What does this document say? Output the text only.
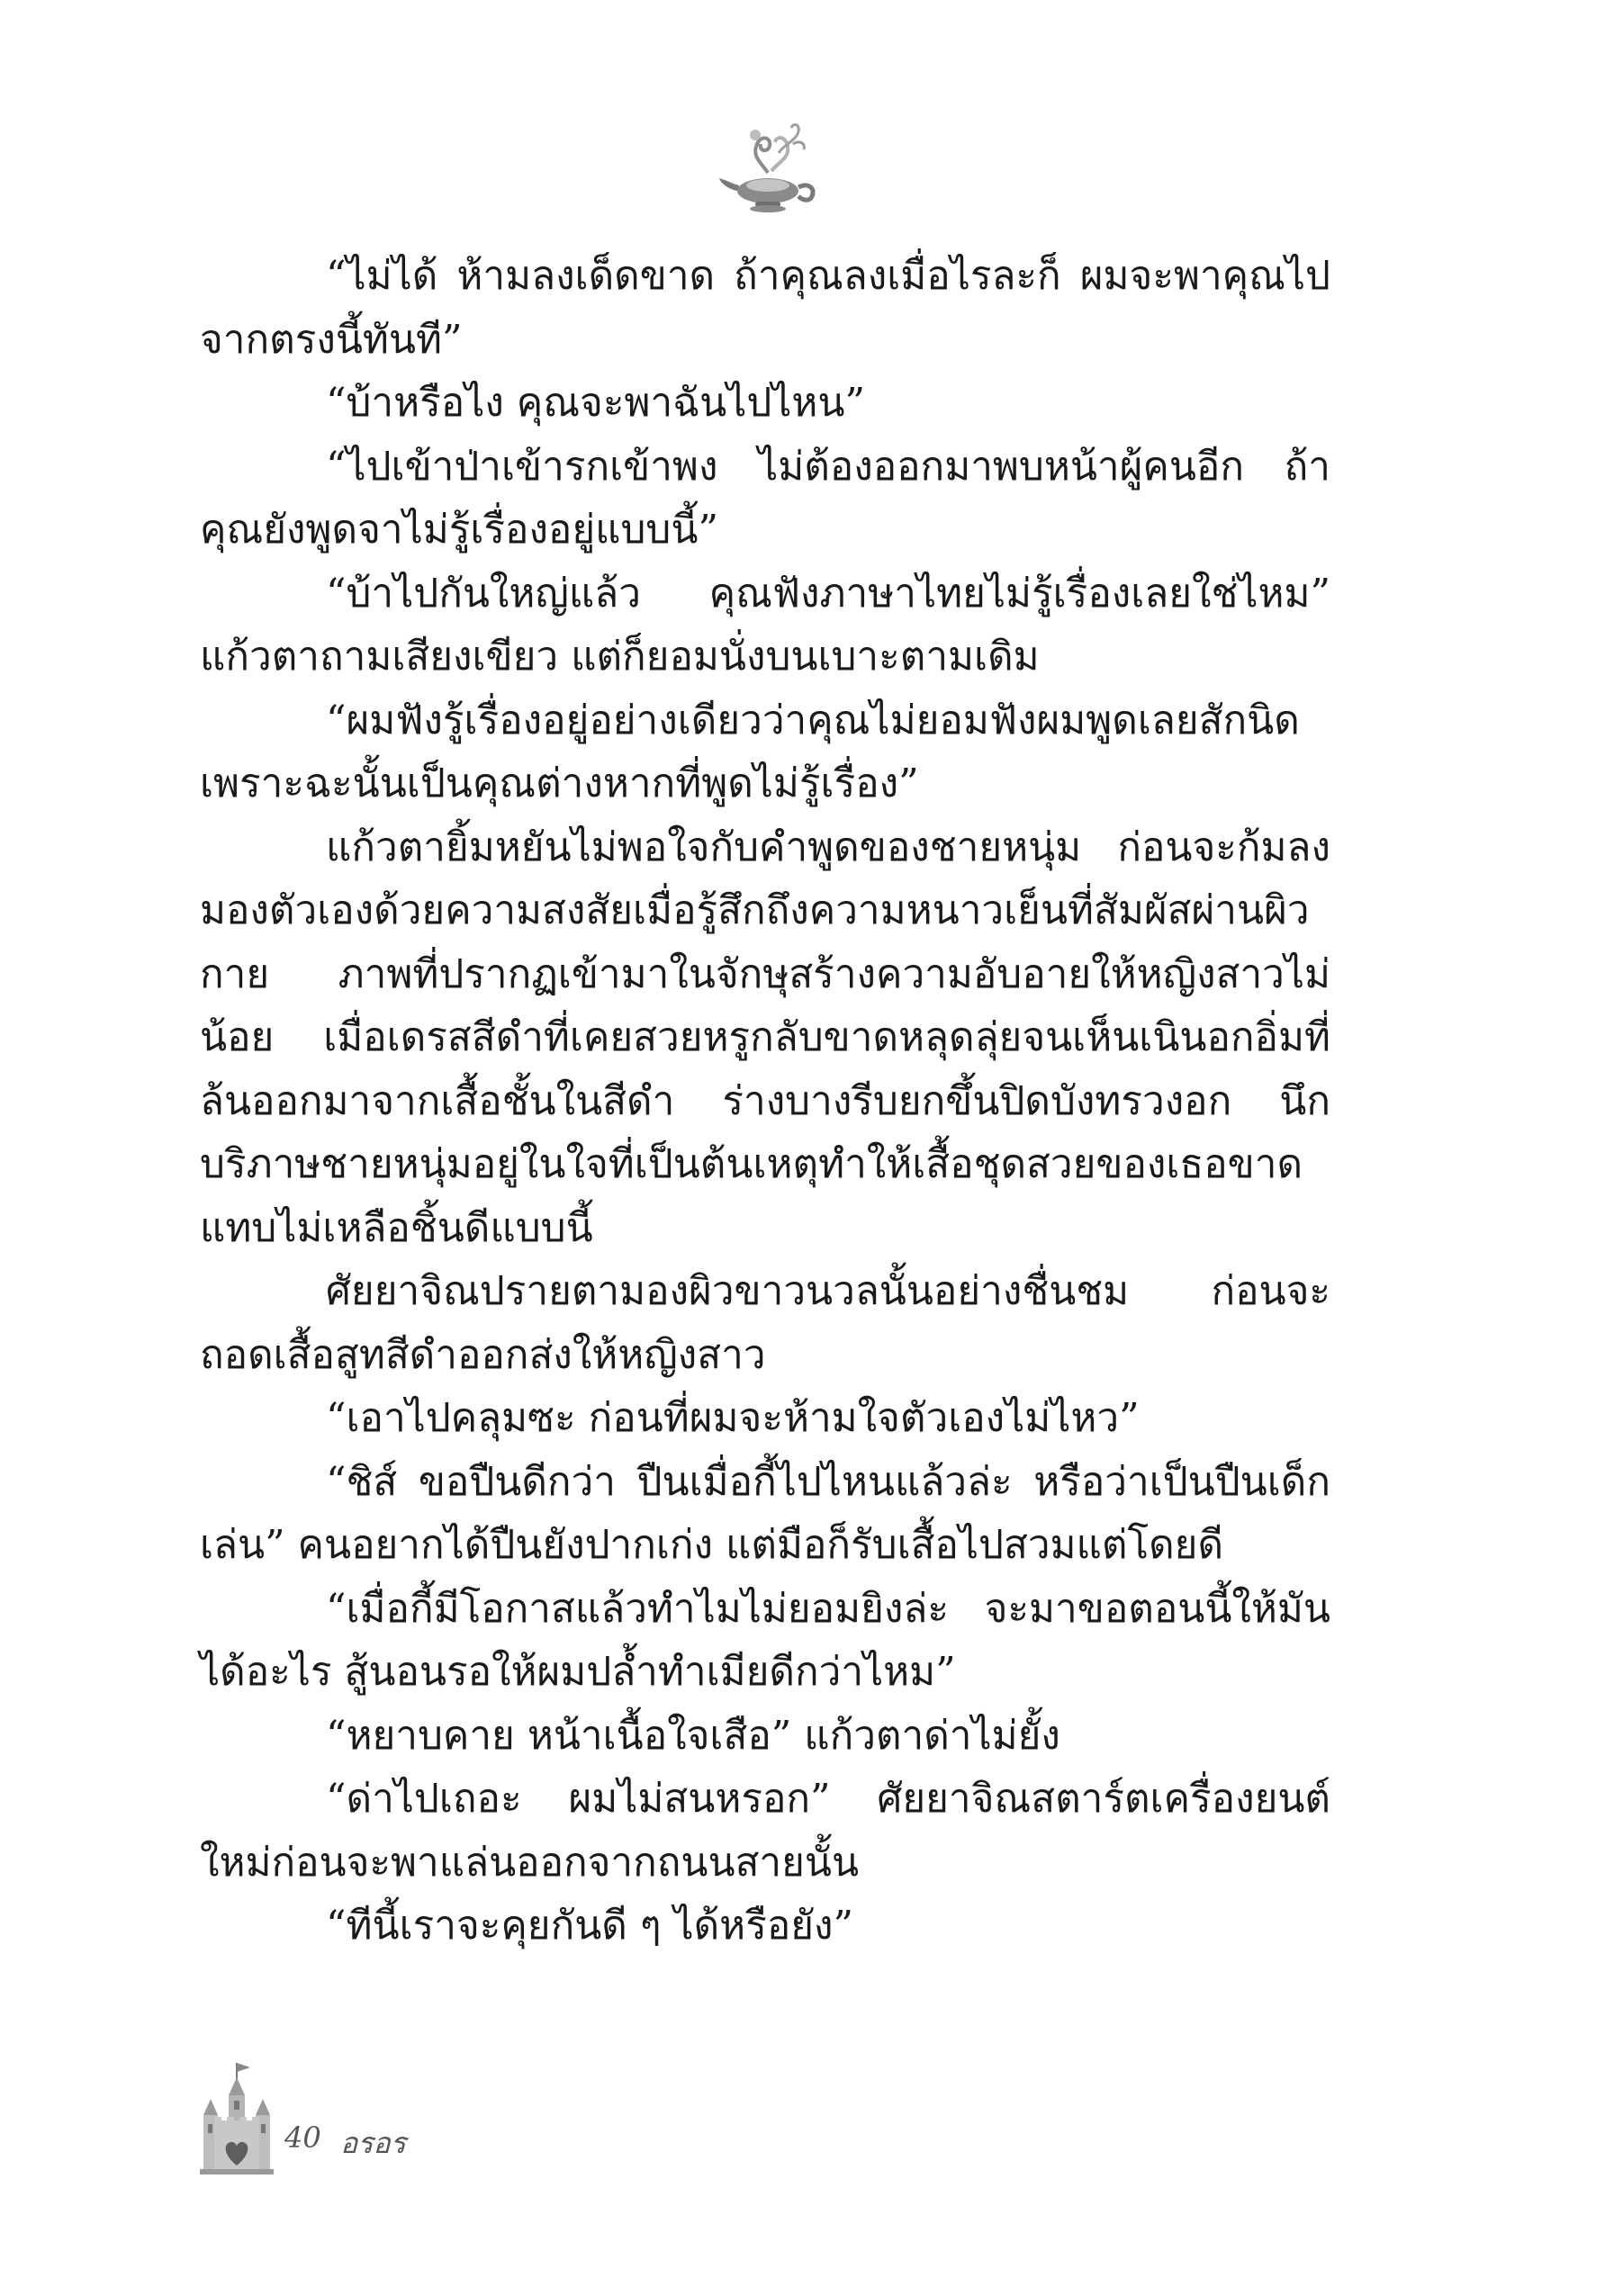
“ไม่ได้ ห้ามลงเด็ดขาด ถ้าคุณลงเมื่อไรละก็ ผมจะพาคุณไปจากตรงนี้ทันที”

“บ้าหรือไง คุณจะพาฉันไปไหน”

“ไปเข้าป่าเข้ารกเข้าพง ไม่ต้องออกมาพบหน้าผู้คนอีก ถ้าคุณยังพูดจาไม่รู้เรื่องอยู่แบบนี้”

“บ้าไปกันใหญ่แล้ว คุณฟังภาษาไทยไม่รู้เรื่องเลยใช่ไหม” แก้วตาถามเสียงเขียว แต่ก็ยอมนั่งบนเบาะตามเดิม

“ผมฟังรู้เรื่องอยู่อย่างเดียวว่าคุณไม่ยอมฟังผมพูดเลยสักนิด เพราะฉะนั้นเป็นคุณต่างหากที่พูดไม่รู้เรื่อง”

แก้วตายิ้มหยันไม่พอใจกับคำพูดของชายหนุ่ม ก่อนจะก้มลงมองตัวเองด้วยความสงสัยเมื่อรู้สึกถึงความหนาวเย็นที่สัมผัสผ่านผิวกาย ภาพที่ปรากฏเข้ามาในจักษุสร้างความอับอายให้หญิงสาวไม่น้อย เมื่อเดรสสีดำที่เคยสวยหรูกลับขาดหลุดลุ่ยจนเห็นเนินอกอิ่มที่ล้นออกมาจากเสื้อชั้นในสีดำ ร่างบางรีบยกขึ้นปิดบังทรวงอก นึกบริภาษชายหนุ่มอยู่ในใจที่เป็นต้นเหตุทำให้เสื้อชุดสวยของเธอขาดแทบไม่เหลือชิ้นดีแบบนี้

ศัยยาจิณปรายตามองผิวขาวนวลนั้นอย่างชื่นชม ก่อนจะถอดเสื้อสูทสีดำออกส่งให้หญิงสาว

“เอาไปคลุมซะ ก่อนที่ผมจะห้ามใจตัวเองไม่ไหว”

“ชิส์ ขอปืนดีกว่า ปืนเมื่อกี้ไปไหนแล้วล่ะ หรือว่าเป็นปืนเด็กเล่น” คนอยากได้ปืนยังปากเก่ง แต่มือก็รับเสื้อไปสวมแต่โดยดี

“เมื่อกี้มีโอกาสแล้วทำไมไม่ยอมยิงล่ะ จะมาขอตอนนี้ให้มันได้อะไร สู้นอนรอให้ผมปล้ำทำเมียดีกว่าไหม”

“หยาบคาย หน้าเนื้อใจเสือ” แก้วตาด่าไม่ยั้ง

“ด่าไปเถอะ ผมไม่สนหรอก” ศัยยาจิณสตาร์ตเครื่องยนต์ใหม่ก่อนจะพาแล่นออกจากถนนสายนั้น

“ทีนี้เราจะคุยกันดี ๆ ได้หรือยัง”

40 อรอร
